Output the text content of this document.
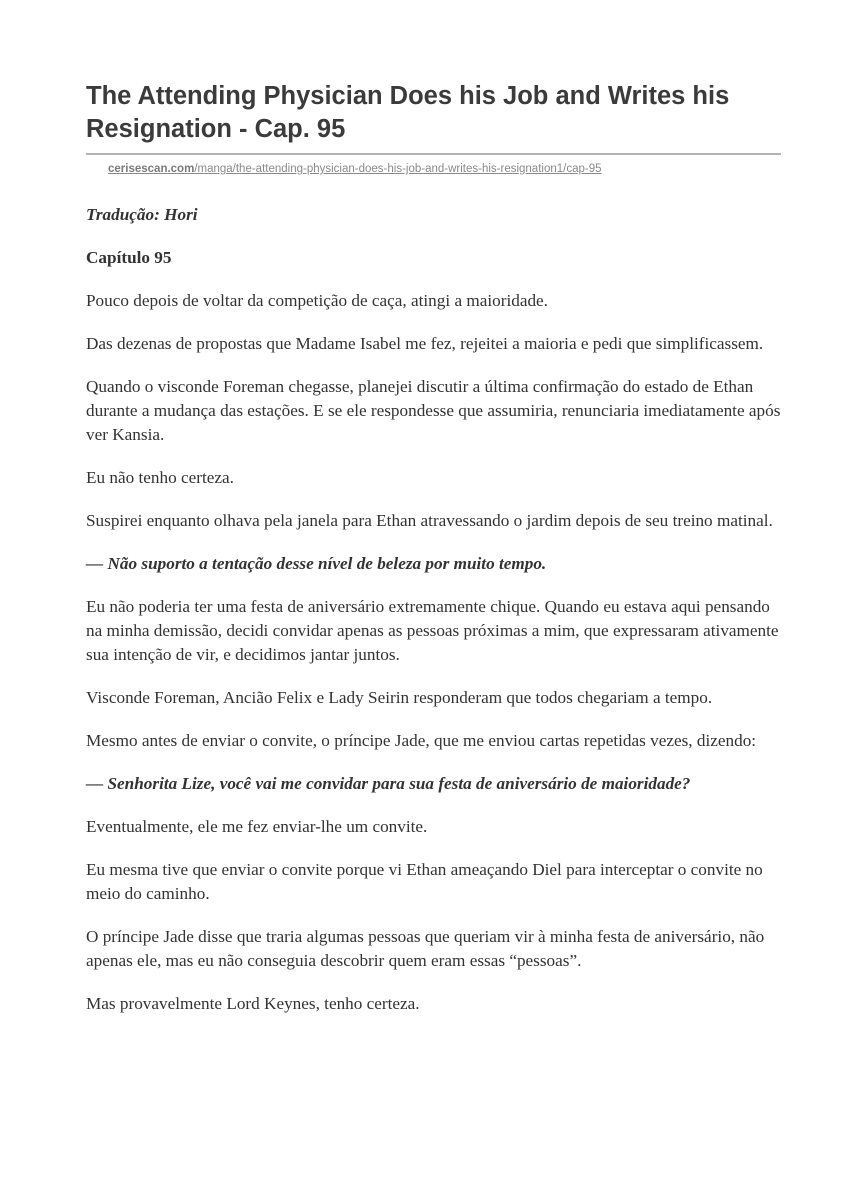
The Attending Physician Does his Job and Writes his Resignation - Cap. 95
cerisescan.com/manga/the-attending-physician-does-his-job-and-writes-his-resignation1/cap-95

Tradução: Hori

Capítulo 95

Pouco depois de voltar da competição de caça, atingi a maioridade.

Das dezenas de propostas que Madame Isabel me fez, rejeitei a maioria e pedi que simplificassem.

Quando o visconde Foreman chegasse, planejei discutir a última confirmação do estado de Ethan durante a mudança das estações. E se ele respondesse que assumiria, renunciaria imediatamente após ver Kansia.

Eu não tenho certeza.

Suspirei enquanto olhava pela janela para Ethan atravessando o jardim depois de seu treino matinal.

— Não suporto a tentação desse nível de beleza por muito tempo.

Eu não poderia ter uma festa de aniversário extremamente chique. Quando eu estava aqui pensando na minha demissão, decidi convidar apenas as pessoas próximas a mim, que expressaram ativamente sua intenção de vir, e decidimos jantar juntos.

Visconde Foreman, Ancião Felix e Lady Seirin responderam que todos chegariam a tempo.

Mesmo antes de enviar o convite, o príncipe Jade, que me enviou cartas repetidas vezes, dizendo:

— Senhorita Lize, você vai me convidar para sua festa de aniversário de maioridade?

Eventualmente, ele me fez enviar-lhe um convite.

Eu mesma tive que enviar o convite porque vi Ethan ameaçando Diel para interceptar o convite no meio do caminho.

O príncipe Jade disse que traria algumas pessoas que queriam vir à minha festa de aniversário, não apenas ele, mas eu não conseguia descobrir quem eram essas “pessoas”.

Mas provavelmente Lord Keynes, tenho certeza.
